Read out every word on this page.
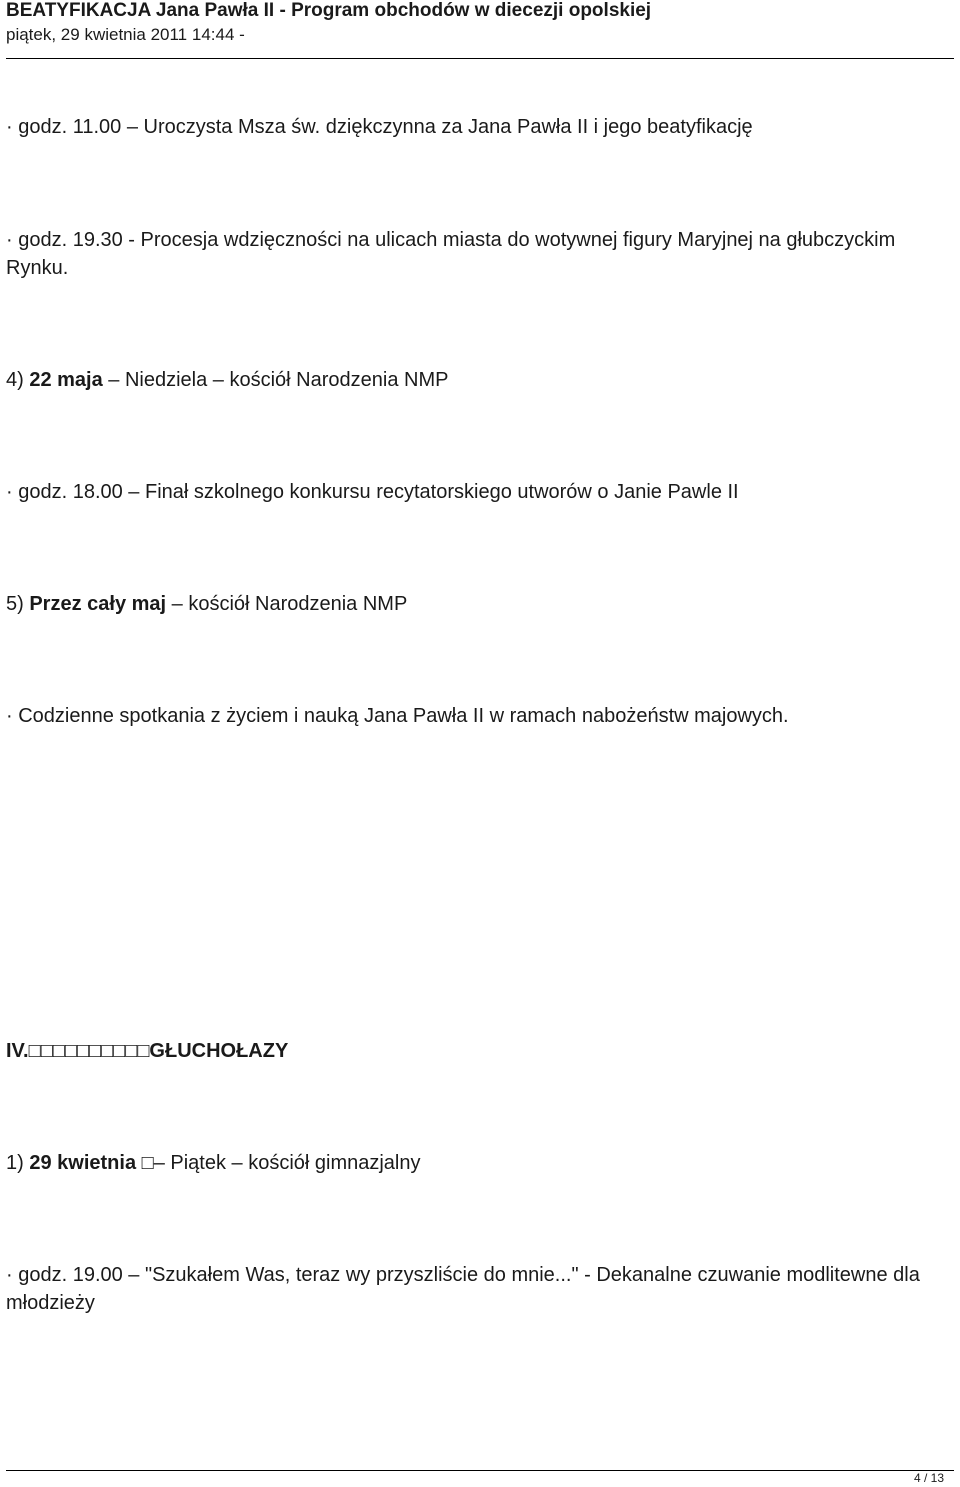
BEATYFIKACJA Jana Pawła II - Program obchodów w diecezji opolskiej
piątek, 29 kwietnia 2011 14:44 -
· godz. 11.00 – Uroczysta Msza św. dziękczynna za Jana Pawła II i jego beatyfikację
· godz. 19.30 - Procesja wdzięczności na ulicach miasta do wotywnej figury Maryjnej na głubczyckim Rynku.
4) 22 maja – Niedziela – kościół Narodzenia NMP
· godz. 18.00 – Finał szkolnego konkursu recytatorskiego utworów o Janie Pawle II
5) Przez cały maj – kościół Narodzenia NMP
· Codzienne spotkania z życiem i nauką Jana Pawła II w ramach nabożeństw majowych.
IV.□□□□□□□□□□GŁUCHOŁAZY
1) 29 kwietnia □– Piątek – kościół gimnazjalny
· godz. 19.00 – "Szukałem Was, teraz wy przyszliście do mnie..." - Dekanalne czuwanie modlitewne dla młodzieży
4 / 13
